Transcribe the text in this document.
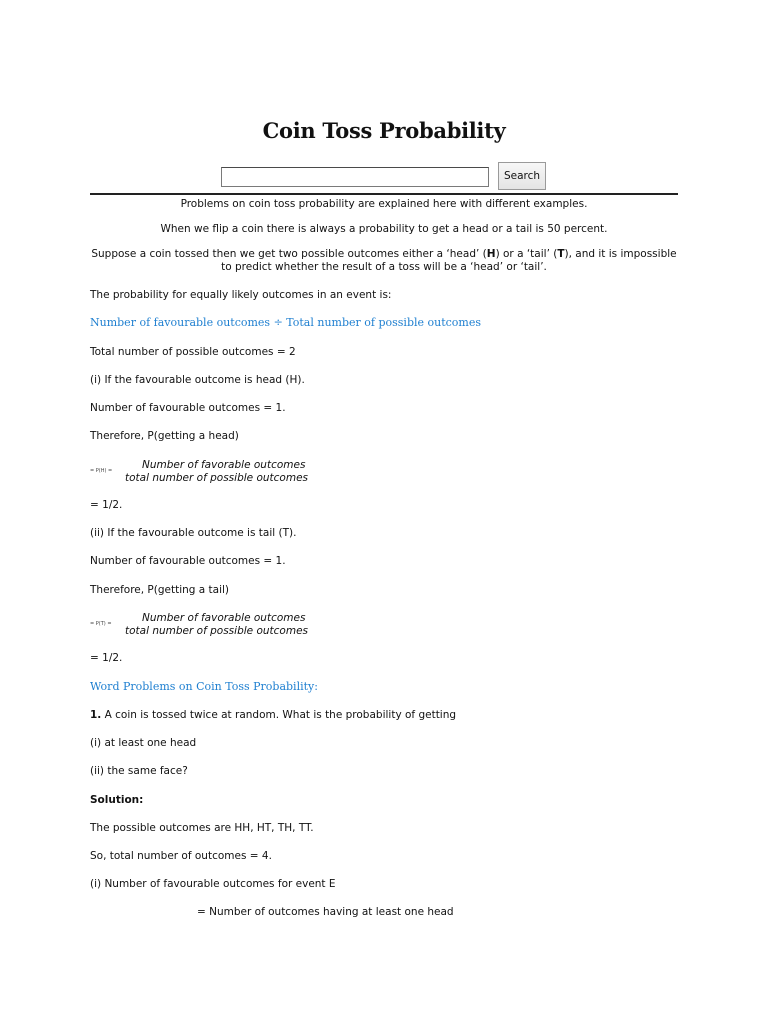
Coin Toss Probability
Search

Problems on coin toss probability are explained here with different examples.

When we flip a coin there is always a probability to get a head or a tail is 50 percent.

Suppose a coin tossed then we get two possible outcomes either a ‘head’ (H) or a ‘tail’ (T), and it is impossible to predict whether the result of a toss will be a ‘head’ or ‘tail’.

The probability for equally likely outcomes in an event is:

Number of favourable outcomes ÷ Total number of possible outcomes

Total number of possible outcomes = 2

(i) If the favourable outcome is head (H).

Number of favourable outcomes = 1.

Therefore, P(getting a head)

= P(H) =	Number of favorable outcomes
total number of possible outcomes

= 1/2.

(ii) If the favourable outcome is tail (T).

Number of favourable outcomes = 1.

Therefore, P(getting a tail)

= P(T) =	Number of favorable outcomes
total number of possible outcomes

= 1/2.

Word Problems on Coin Toss Probability:

1. A coin is tossed twice at random. What is the probability of getting

(i) at least one head

(ii) the same face?

Solution:

The possible outcomes are HH, HT, TH, TT.

So, total number of outcomes = 4.

(i) Number of favourable outcomes for event E

= Number of outcomes having at least one head
